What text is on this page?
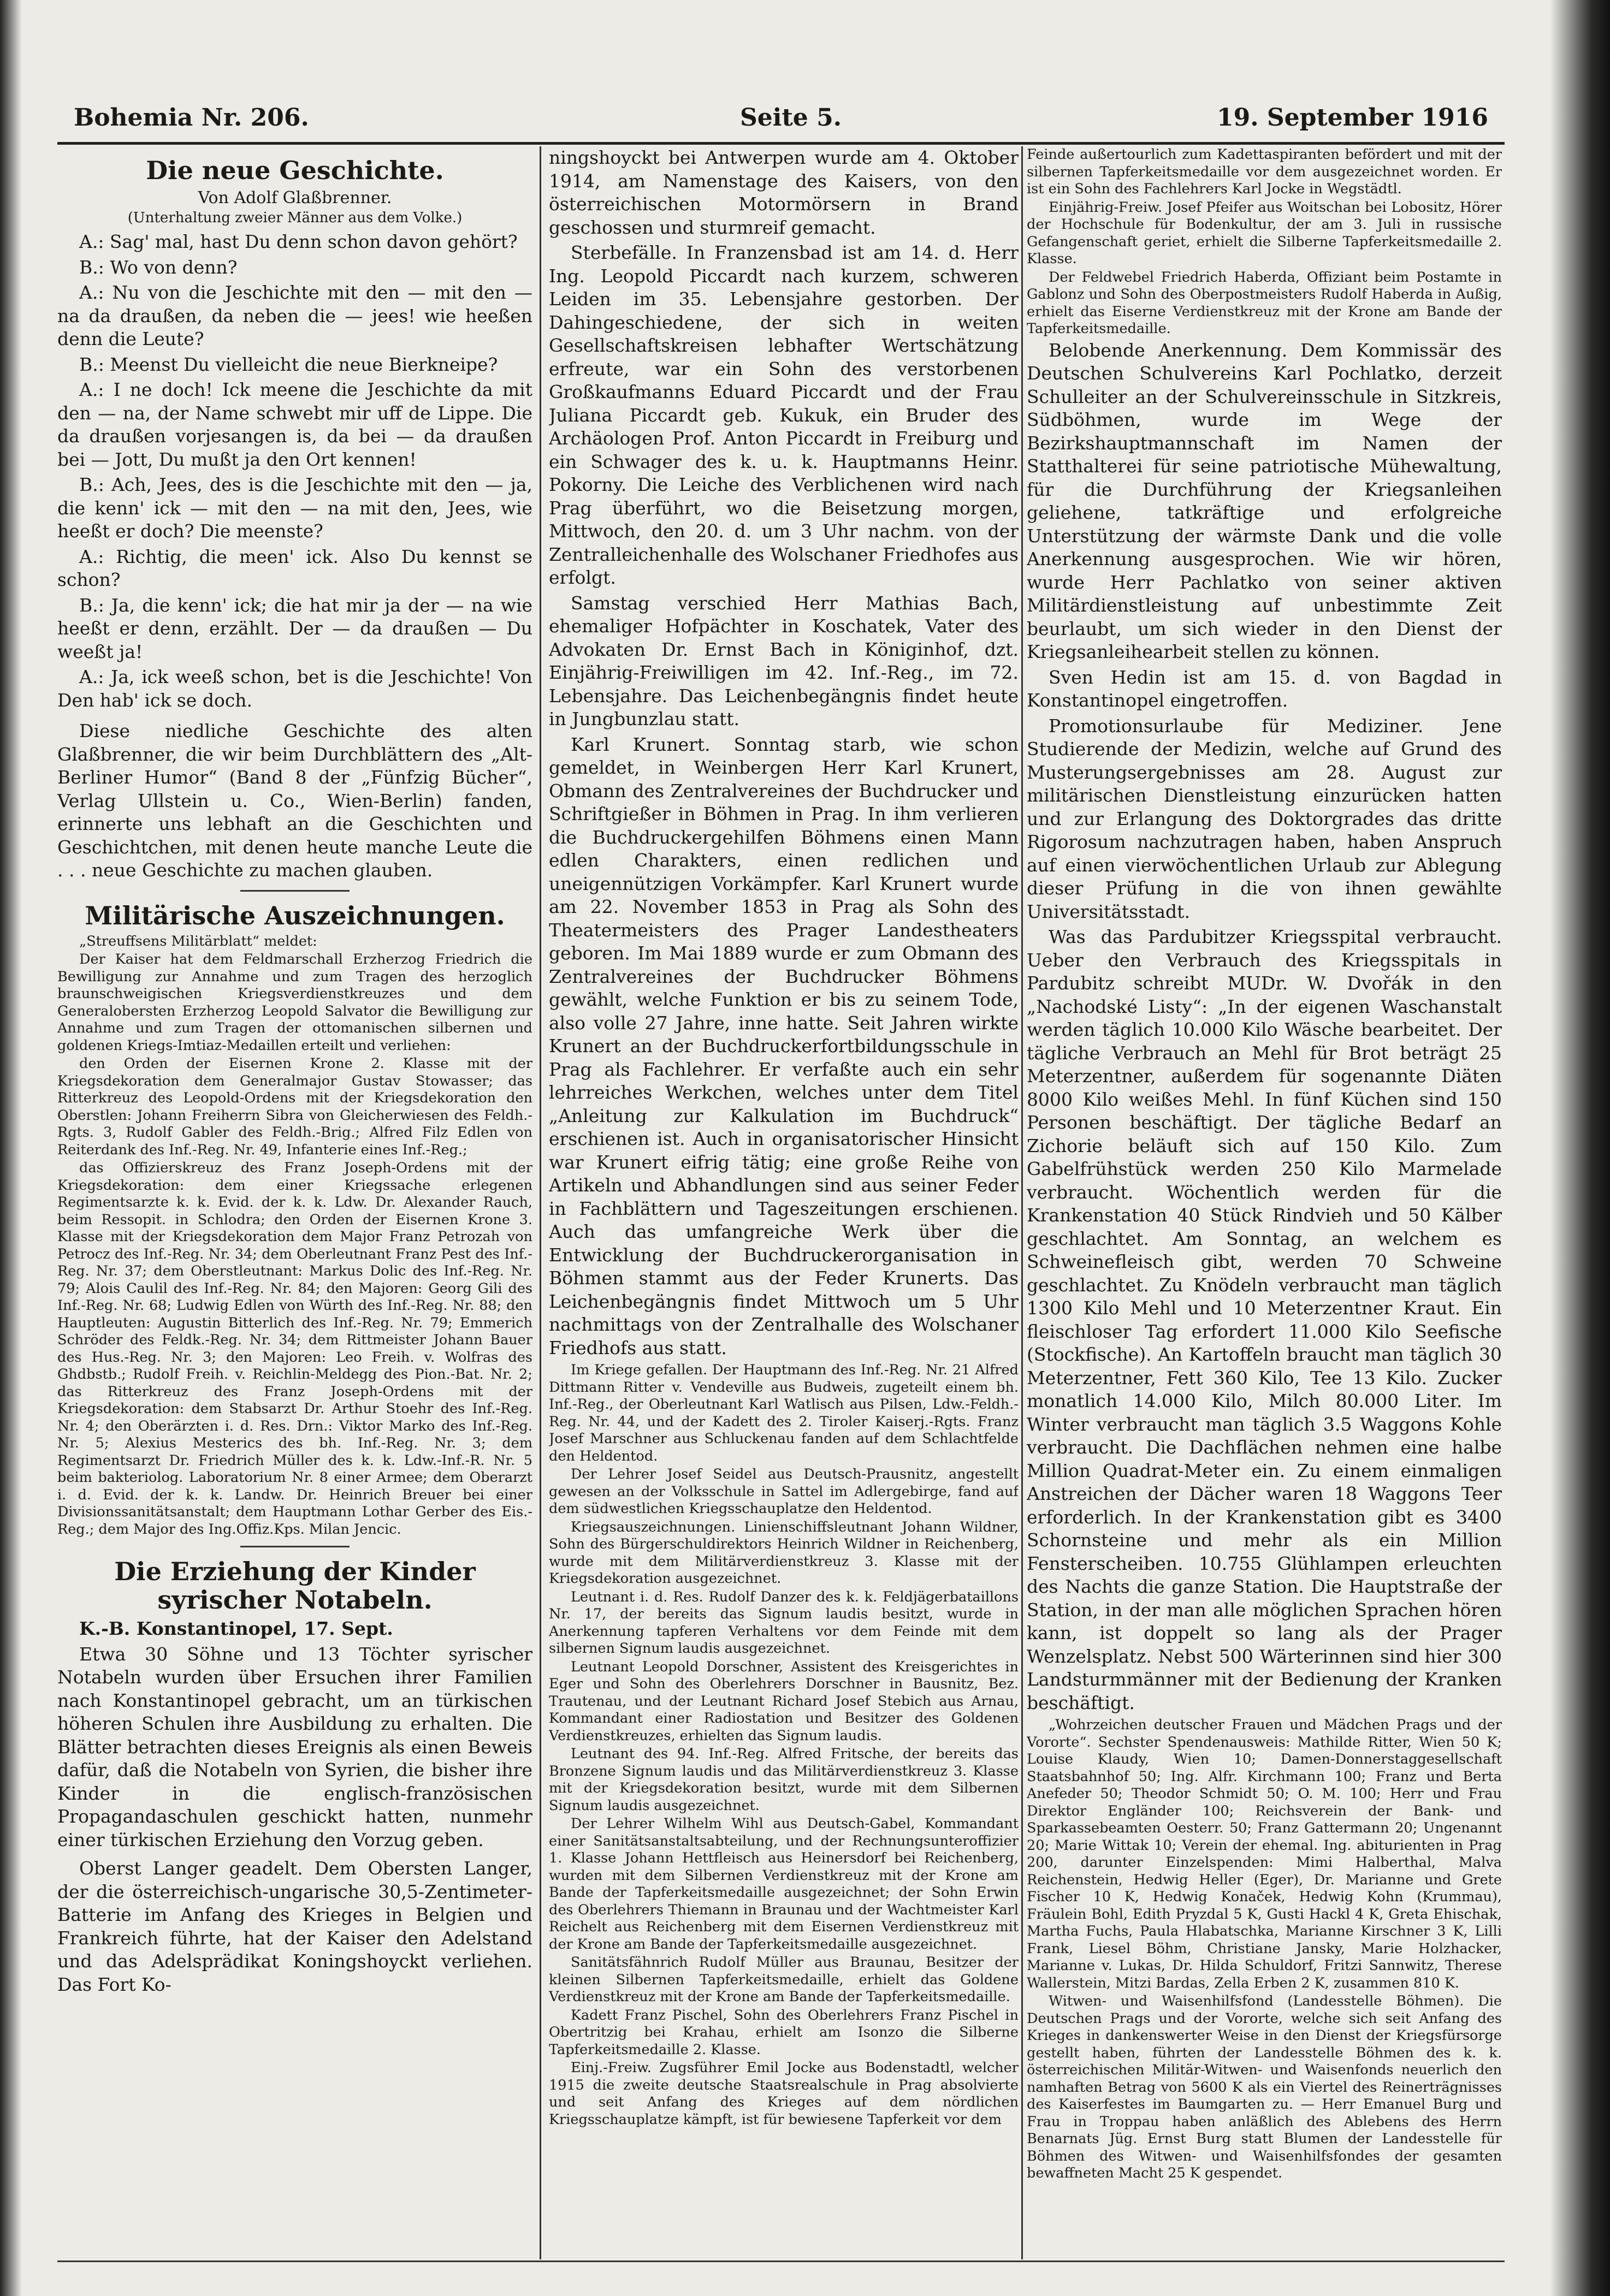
Bohemia Nr. 206.	Seite 5.	19. September 1916
Die neue Geschichte.

Von Adolf Glaßbrenner.

(Unterhaltung zweier Männer aus dem Volke.)

A.: Sag' mal, hast Du denn schon davon gehört?

B.: Wo von denn?

A.: Nu von die Jeschichte mit den — mit den — na da draußen, da neben die — jees! wie heeßen denn die Leute?

B.: Meenst Du vielleicht die neue Bierkneipe?

A.: I ne doch! Ick meene die Jeschichte da mit den — na, der Name schwebt mir uff de Lippe. Die da draußen vorjesangen is, da bei — da draußen bei — Jott, Du mußt ja den Ort kennen!

B.: Ach, Jees, des is die Jeschichte mit den — ja, die kenn' ick — mit den — na mit den, Jees, wie heeßt er doch? Die meenste?

A.: Richtig, die meen' ick. Also Du kennst se schon?

B.: Ja, die kenn' ick; die hat mir ja der — na wie heeßt er denn, erzählt. Der — da draußen — Du weeßt ja!

A.: Ja, ick weeß schon, bet is die Jeschichte! Von Den hab' ick se doch.

Diese niedliche Geschichte des alten Glaßbrenner, die wir beim Durchblättern des „Alt-Berliner Humor“ (Band 8 der „Fünfzig Bücher“, Verlag Ullstein u. Co., Wien-Berlin) fanden, erinnerte uns lebhaft an die Geschichten und Geschichtchen, mit denen heute manche Leute die . . . neue Geschichte zu machen glauben.

Militärische Auszeichnungen.

„Streuffsens Militärblatt“ meldet:

Der Kaiser hat dem Feldmarschall Erzherzog Friedrich die Bewilligung zur Annahme und zum Tragen des herzoglich braunschweigischen Kriegsverdienstkreuzes und dem Generalobersten Erzherzog Leopold Salvator die Bewilligung zur Annahme und zum Tragen der ottomanischen silbernen und goldenen Kriegs-Imtiaz-Medaillen erteilt und verliehen:

den Orden der Eisernen Krone 2. Klasse mit der Kriegsdekoration dem Generalmajor Gustav Stowasser; das Ritterkreuz des Leopold-Ordens mit der Kriegsdekoration den Oberstlen: Johann Freiherrn Sibra von Gleicherwiesen des Feldh.-Rgts. 3, Rudolf Gabler des Feldh.-Brig.; Alfred Filz Edlen von Reiterdank des Inf.-Reg. Nr. 49, Infanterie eines Inf.-Reg.;

das Offizierskreuz des Franz Joseph-Ordens mit der Kriegsdekoration: dem einer Kriegssache erlegenen Regimentsarzte k. k. Evid. der k. k. Ldw. Dr. Alexander Rauch, beim Ressopit. in Schlodra; den Orden der Eisernen Krone 3. Klasse mit der Kriegsdekoration dem Major Franz Petrozah von Petrocz des Inf.-Reg. Nr. 34; dem Oberleutnant Franz Pest des Inf.-Reg. Nr. 37; dem Oberstleutnant: Markus Dolic des Inf.-Reg. Nr. 79; Alois Caulil des Inf.-Reg. Nr. 84; den Majoren: Georg Gili des Inf.-Reg. Nr. 68; Ludwig Edlen von Würth des Inf.-Reg. Nr. 88; den Hauptleuten: Augustin Bitterlich des Inf.-Reg. Nr. 79; Emmerich Schröder des Feldk.-Reg. Nr. 34; dem Rittmeister Johann Bauer des Hus.-Reg. Nr. 3; den Majoren: Leo Freih. v. Wolfras des Ghdbstb.; Rudolf Freih. v. Reichlin-Meldegg des Pion.-Bat. Nr. 2; das Ritterkreuz des Franz Joseph-Ordens mit der Kriegsdekoration: dem Stabsarzt Dr. Arthur Stoehr des Inf.-Reg. Nr. 4; den Oberärzten i. d. Res. Drn.: Viktor Marko des Inf.-Reg. Nr. 5; Alexius Mesterics des bh. Inf.-Reg. Nr. 3; dem Regimentsarzt Dr. Friedrich Müller des k. k. Ldw.-Inf.-R. Nr. 5 beim bakteriolog. Laboratorium Nr. 8 einer Armee; dem Oberarzt i. d. Evid. der k. k. Landw. Dr. Heinrich Breuer bei einer Divisionssanitätsanstalt; dem Hauptmann Lothar Gerber des Eis.-Reg.; dem Major des Ing.Offiz.Kps. Milan Jencic.

Die Erziehung der Kinder syrischer Notabeln.

K.-B. Konstantinopel, 17. Sept.

Etwa 30 Söhne und 13 Töchter syrischer Notabeln wurden über Ersuchen ihrer Familien nach Konstantinopel gebracht, um an türkischen höheren Schulen ihre Ausbildung zu erhalten. Die Blätter betrachten dieses Ereignis als einen Beweis dafür, daß die Notabeln von Syrien, die bisher ihre Kinder in die englisch-französischen Propagandaschulen geschickt hatten, nunmehr einer türkischen Erziehung den Vorzug geben.

Oberst Langer geadelt. Dem Obersten Langer, der die österreichisch-ungarische 30,5-Zentimeter-Batterie im Anfang des Krieges in Belgien und Frankreich führte, hat der Kaiser den Adelstand und das Adelsprädikat Koningshoyckt verliehen. Das Fort Ko-

ningshoyckt bei Antwerpen wurde am 4. Oktober 1914, am Namenstage des Kaisers, von den österreichischen Motormörsern in Brand geschossen und sturmreif gemacht.

Sterbefälle. In Franzensbad ist am 14. d. Herr Ing. Leopold Piccardt nach kurzem, schweren Leiden im 35. Lebensjahre gestorben. Der Dahingeschiedene, der sich in weiten Gesellschaftskreisen lebhafter Wertschätzung erfreute, war ein Sohn des verstorbenen Großkaufmanns Eduard Piccardt und der Frau Juliana Piccardt geb. Kukuk, ein Bruder des Archäologen Prof. Anton Piccardt in Freiburg und ein Schwager des k. u. k. Hauptmanns Heinr. Pokorny. Die Leiche des Verblichenen wird nach Prag überführt, wo die Beisetzung morgen, Mittwoch, den 20. d. um 3 Uhr nachm. von der Zentralleichenhalle des Wolschaner Friedhofes aus erfolgt.

Samstag verschied Herr Mathias Bach, ehemaliger Hofpächter in Koschatek, Vater des Advokaten Dr. Ernst Bach in Königinhof, dzt. Einjährig-Freiwilligen im 42. Inf.-Reg., im 72. Lebensjahre. Das Leichenbegängnis findet heute in Jungbunzlau statt.

Karl Krunert. Sonntag starb, wie schon gemeldet, in Weinbergen Herr Karl Krunert, Obmann des Zentralvereines der Buchdrucker und Schriftgießer in Böhmen in Prag. In ihm verlieren die Buchdruckergehilfen Böhmens einen Mann edlen Charakters, einen redlichen und uneigennützigen Vorkämpfer. Karl Krunert wurde am 22. November 1853 in Prag als Sohn des Theatermeisters des Prager Landestheaters geboren. Im Mai 1889 wurde er zum Obmann des Zentralvereines der Buchdrucker Böhmens gewählt, welche Funktion er bis zu seinem Tode, also volle 27 Jahre, inne hatte. Seit Jahren wirkte Krunert an der Buchdruckerfortbildungsschule in Prag als Fachlehrer. Er verfaßte auch ein sehr lehrreiches Werkchen, welches unter dem Titel „Anleitung zur Kalkulation im Buchdruck“ erschienen ist. Auch in organisatorischer Hinsicht war Krunert eifrig tätig; eine große Reihe von Artikeln und Abhandlungen sind aus seiner Feder in Fachblättern und Tageszeitungen erschienen. Auch das umfangreiche Werk über die Entwicklung der Buchdruckerorganisation in Böhmen stammt aus der Feder Krunerts. Das Leichenbegängnis findet Mittwoch um 5 Uhr nachmittags von der Zentralhalle des Wolschaner Friedhofs aus statt.

Im Kriege gefallen. Der Hauptmann des Inf.-Reg. Nr. 21 Alfred Dittmann Ritter v. Vendeville aus Budweis, zugeteilt einem bh. Inf.-Reg., der Oberleutnant Karl Watlisch aus Pilsen, Ldw.-Feldh.-Reg. Nr. 44, und der Kadett des 2. Tiroler Kaiserj.-Rgts. Franz Josef Marschner aus Schluckenau fanden auf dem Schlachtfelde den Heldentod.

Der Lehrer Josef Seidel aus Deutsch-Prausnitz, angestellt gewesen an der Volksschule in Sattel im Adlergebirge, fand auf dem südwestlichen Kriegsschauplatze den Heldentod.

Kriegsauszeichnungen. Linienschiffsleutnant Johann Wildner, Sohn des Bürgerschuldirektors Heinrich Wildner in Reichenberg, wurde mit dem Militärverdienstkreuz 3. Klasse mit der Kriegsdekoration ausgezeichnet.

Leutnant i. d. Res. Rudolf Danzer des k. k. Feldjägerbataillons Nr. 17, der bereits das Signum laudis besitzt, wurde in Anerkennung tapferen Verhaltens vor dem Feinde mit dem silbernen Signum laudis ausgezeichnet.

Leutnant Leopold Dorschner, Assistent des Kreisgerichtes in Eger und Sohn des Oberlehrers Dorschner in Bausnitz, Bez. Trautenau, und der Leutnant Richard Josef Stebich aus Arnau, Kommandant einer Radiostation und Besitzer des Goldenen Verdienstkreuzes, erhielten das Signum laudis.

Leutnant des 94. Inf.-Reg. Alfred Fritsche, der bereits das Bronzene Signum laudis und das Militärverdienstkreuz 3. Klasse mit der Kriegsdekoration besitzt, wurde mit dem Silbernen Signum laudis ausgezeichnet.

Der Lehrer Wilhelm Wihl aus Deutsch-Gabel, Kommandant einer Sanitätsanstaltsabteilung, und der Rechnungsunteroffizier 1. Klasse Johann Hettfleisch aus Heinersdorf bei Reichenberg, wurden mit dem Silbernen Verdienstkreuz mit der Krone am Bande der Tapferkeitsmedaille ausgezeichnet; der Sohn Erwin des Oberlehrers Thiemann in Braunau und der Wachtmeister Karl Reichelt aus Reichenberg mit dem Eisernen Verdienstkreuz mit der Krone am Bande der Tapferkeitsmedaille ausgezeichnet.

Sanitätsfähnrich Rudolf Müller aus Braunau, Besitzer der kleinen Silbernen Tapferkeitsmedaille, erhielt das Goldene Verdienstkreuz mit der Krone am Bande der Tapferkeitsmedaille.

Kadett Franz Pischel, Sohn des Oberlehrers Franz Pischel in Obertritzig bei Krahau, erhielt am Isonzo die Silberne Tapferkeitsmedaille 2. Klasse.

Einj.-Freiw. Zugsführer Emil Jocke aus Bodenstadtl, welcher 1915 die zweite deutsche Staatsrealschule in Prag absolvierte und seit Anfang des Krieges auf dem nördlichen Kriegsschauplatze kämpft, ist für bewiesene Tapferkeit vor dem

Feinde außertourlich zum Kadettaspiranten befördert und mit der silbernen Tapferkeitsmedaille vor dem ausgezeichnet worden. Er ist ein Sohn des Fachlehrers Karl Jocke in Wegstädtl.

Einjährig-Freiw. Josef Pfeifer aus Woitschan bei Lobositz, Hörer der Hochschule für Bodenkultur, der am 3. Juli in russische Gefangenschaft geriet, erhielt die Silberne Tapferkeitsmedaille 2. Klasse.

Der Feldwebel Friedrich Haberda, Offiziant beim Postamte in Gablonz und Sohn des Oberpostmeisters Rudolf Haberda in Außig, erhielt das Eiserne Verdienstkreuz mit der Krone am Bande der Tapferkeitsmedaille.

Belobende Anerkennung. Dem Kommissär des Deutschen Schulvereins Karl Pochlatko, derzeit Schulleiter an der Schulvereinsschule in Sitzkreis, Südböhmen, wurde im Wege der Bezirkshauptmannschaft im Namen der Statthalterei für seine patriotische Mühewaltung, für die Durchführung der Kriegsanleihen geliehene, tatkräftige und erfolgreiche Unterstützung der wärmste Dank und die volle Anerkennung ausgesprochen. Wie wir hören, wurde Herr Pachlatko von seiner aktiven Militärdienstleistung auf unbestimmte Zeit beurlaubt, um sich wieder in den Dienst der Kriegsanleihearbeit stellen zu können.

Sven Hedin ist am 15. d. von Bagdad in Konstantinopel eingetroffen.

Promotionsurlaube für Mediziner. Jene Studierende der Medizin, welche auf Grund des Musterungsergebnisses am 28. August zur militärischen Dienstleistung einzurücken hatten und zur Erlangung des Doktorgrades das dritte Rigorosum nachzutragen haben, haben Anspruch auf einen vierwöchentlichen Urlaub zur Ablegung dieser Prüfung in die von ihnen gewählte Universitätsstadt.

Was das Pardubitzer Kriegsspital verbraucht. Ueber den Verbrauch des Kriegsspitals in Pardubitz schreibt MUDr. W. Dvořák in den „Nachodské Listy“: „In der eigenen Waschanstalt werden täglich 10.000 Kilo Wäsche bearbeitet. Der tägliche Verbrauch an Mehl für Brot beträgt 25 Meterzentner, außerdem für sogenannte Diäten 8000 Kilo weißes Mehl. In fünf Küchen sind 150 Personen beschäftigt. Der tägliche Bedarf an Zichorie beläuft sich auf 150 Kilo. Zum Gabelfrühstück werden 250 Kilo Marmelade verbraucht. Wöchentlich werden für die Krankenstation 40 Stück Rindvieh und 50 Kälber geschlachtet. Am Sonntag, an welchem es Schweinefleisch gibt, werden 70 Schweine geschlachtet. Zu Knödeln verbraucht man täglich 1300 Kilo Mehl und 10 Meterzentner Kraut. Ein fleischloser Tag erfordert 11.000 Kilo Seefische (Stockfische). An Kartoffeln braucht man täglich 30 Meterzentner, Fett 360 Kilo, Tee 13 Kilo. Zucker monatlich 14.000 Kilo, Milch 80.000 Liter. Im Winter verbraucht man täglich 3.5 Waggons Kohle verbraucht. Die Dachflächen nehmen eine halbe Million Quadrat-Meter ein. Zu einem einmaligen Anstreichen der Dächer waren 18 Waggons Teer erforderlich. In der Krankenstation gibt es 3400 Schornsteine und mehr als ein Million Fensterscheiben. 10.755 Glühlampen erleuchten des Nachts die ganze Station. Die Hauptstraße der Station, in der man alle möglichen Sprachen hören kann, ist doppelt so lang als der Prager Wenzelsplatz. Nebst 500 Wärterinnen sind hier 300 Landsturmmänner mit der Bedienung der Kranken beschäftigt.

„Wohrzeichen deutscher Frauen und Mädchen Prags und der Vororte“. Sechster Spendenausweis: Mathilde Ritter, Wien 50 K; Louise Klaudy, Wien 10; Damen-Donnerstaggesellschaft Staatsbahnhof 50; Ing. Alfr. Kirchmann 100; Franz und Berta Anefeder 50; Theodor Schmidt 50; O. M. 100; Herr und Frau Direktor Engländer 100; Reichsverein der Bank- und Sparkassebeamten Oesterr. 50; Franz Gattermann 20; Ungenannt 20; Marie Wittak 10; Verein der ehemal. Ing. abiturienten in Prag 200, darunter Einzelspenden: Mimi Halberthal, Malva Reichenstein, Hedwig Heller (Eger), Dr. Marianne und Grete Fischer 10 K, Hedwig Konaček, Hedwig Kohn (Krummau), Fräulein Bohl, Edith Pryzdal 5 K, Gusti Hackl 4 K, Greta Ehischak, Martha Fuchs, Paula Hlabatschka, Marianne Kirschner 3 K, Lilli Frank, Liesel Böhm, Christiane Jansky, Marie Holzhacker, Marianne v. Lukas, Dr. Hilda Schuldorf, Fritzi Sannwitz, Therese Wallerstein, Mitzi Bardas, Zella Erben 2 K, zusammen 810 K.

Witwen- und Waisenhilfsfond (Landesstelle Böhmen). Die Deutschen Prags und der Vororte, welche sich seit Anfang des Krieges in dankenswerter Weise in den Dienst der Kriegsfürsorge gestellt haben, führten der Landesstelle Böhmen des k. k. österreichischen Militär-Witwen- und Waisenfonds neuerlich den namhaften Betrag von 5600 K als ein Viertel des Reinerträgnisses des Kaiserfestes im Baumgarten zu. — Herr Emanuel Burg und Frau in Troppau haben anläßlich des Ablebens des Herrn Benarnats Jüg. Ernst Burg statt Blumen der Landesstelle für Böhmen des Witwen- und Waisenhilfsfondes der gesamten bewaffneten Macht 25 K gespendet.
